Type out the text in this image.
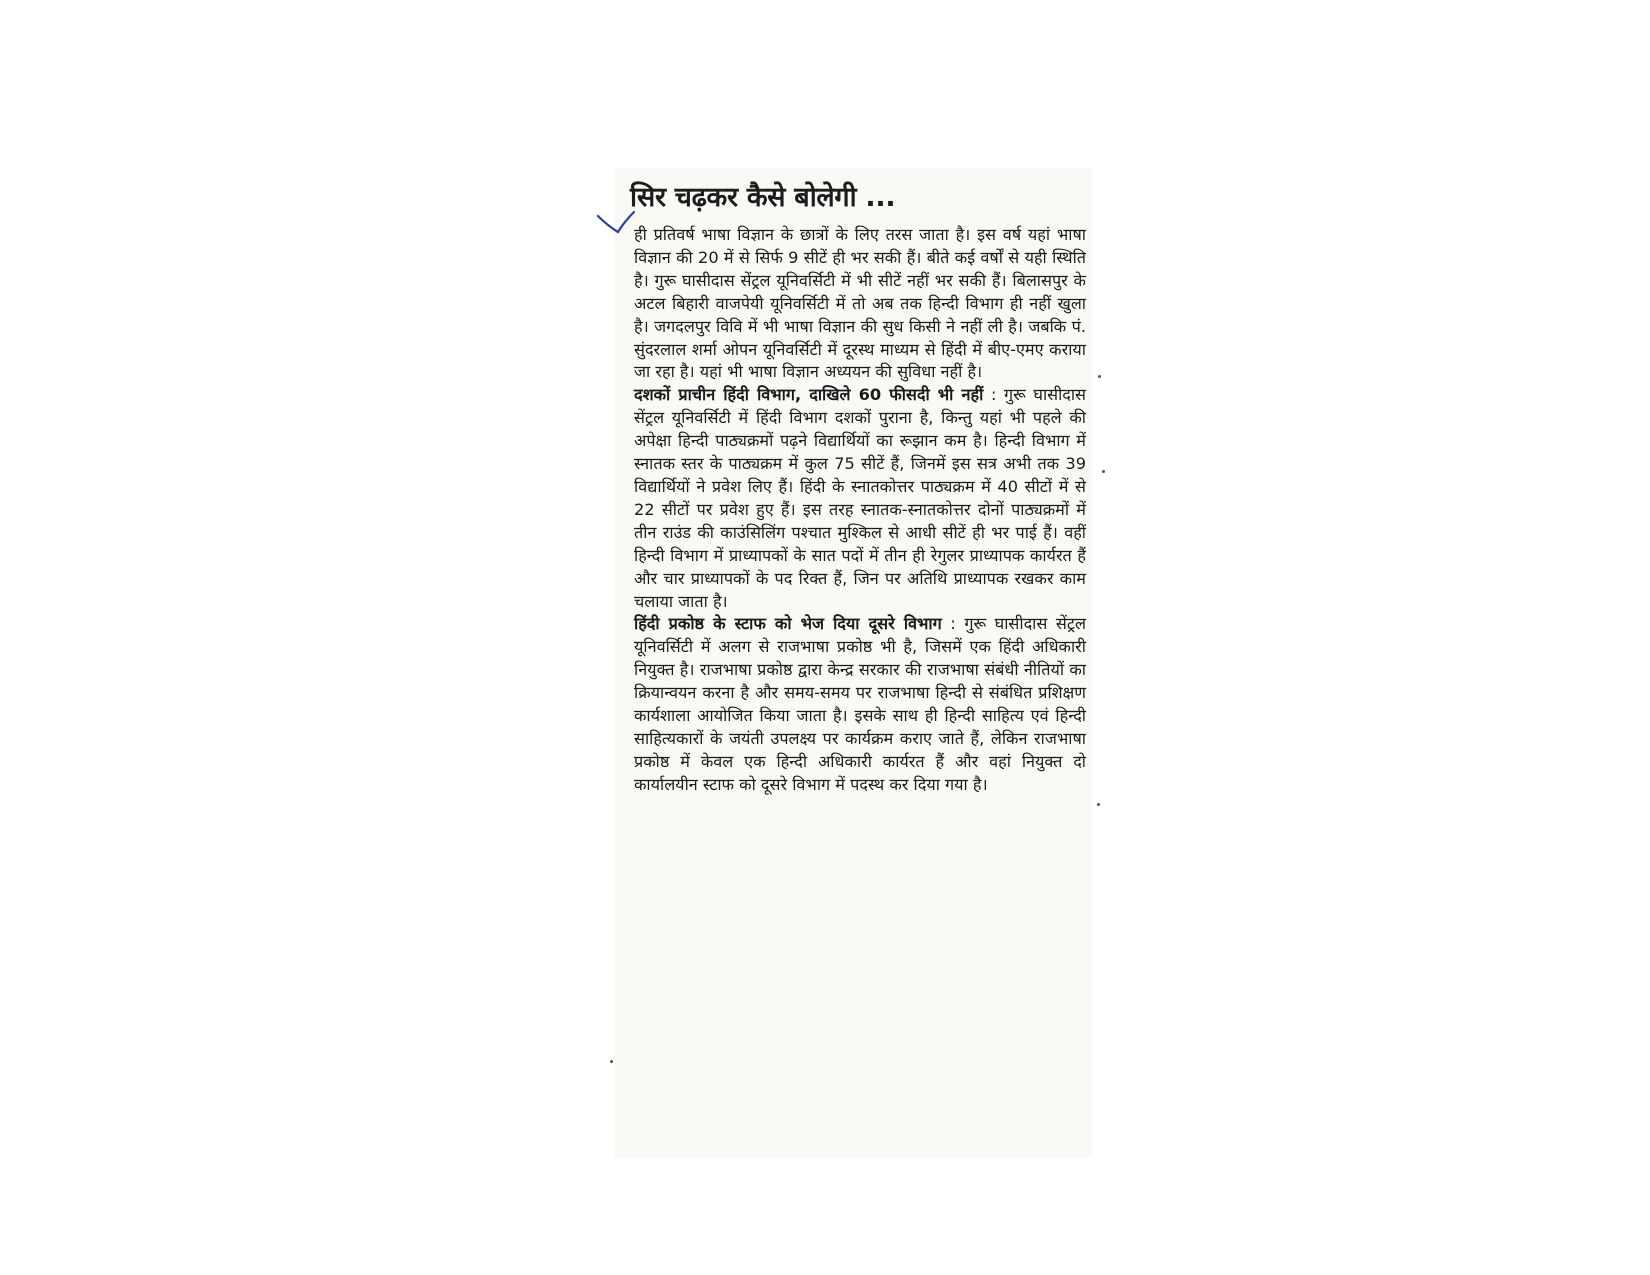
सिर चढ़कर कैसे बोलेगी ...

ही प्रतिवर्ष भाषा विज्ञान के छात्रों के लिए तरस जाता है। इस वर्ष यहां भाषा विज्ञान की 20 में से सिर्फ 9 सीटें ही भर सकी हैं। बीते कई वर्षों से यही स्थिति है। गुरू घासीदास सेंट्रल यूनिवर्सिटी में भी सीटें नहीं भर सकी हैं। बिलासपुर के अटल बिहारी वाजपेयी यूनिवर्सिटी में तो अब तक हिन्दी विभाग ही नहीं खुला है। जगदलपुर विवि में भी भाषा विज्ञान की सुध किसी ने नहीं ली है। जबकि पं. सुंदरलाल शर्मा ओपन यूनिवर्सिटी में दूरस्थ माध्यम से हिंदी में बीए-एमए कराया जा रहा है। यहां भी भाषा विज्ञान अध्ययन की सुविधा नहीं है।

दशकों प्राचीन हिंदी विभाग, दाखिले 60 फीसदी भी नहीं : गुरू घासीदास सेंट्रल यूनिवर्सिटी में हिंदी विभाग दशकों पुराना है, किन्तु यहां भी पहले की अपेक्षा हिन्दी पाठ्यक्रमों पढ़ने विद्यार्थियों का रूझान कम है। हिन्दी विभाग में स्नातक स्तर के पाठ्यक्रम में कुल 75 सीटें हैं, जिनमें इस सत्र अभी तक 39 विद्यार्थियों ने प्रवेश लिए हैं। हिंदी के स्नातकोत्तर पाठ्यक्रम में 40 सीटों में से 22 सीटों पर प्रवेश हुए हैं। इस तरह स्नातक-स्नातकोत्तर दोनों पाठ्यक्रमों में तीन राउंड की काउंसिलिंग पश्चात मुश्किल से आधी सीटें ही भर पाई हैं। वहीं हिन्दी विभाग में प्राध्यापकों के सात पदों में तीन ही रेगुलर प्राध्यापक कार्यरत हैं और चार प्राध्यापकों के पद रिक्त हैं, जिन पर अतिथि प्राध्यापक रखकर काम चलाया जाता है।

हिंदी प्रकोष्ठ के स्टाफ को भेज दिया दूसरे विभाग : गुरू घासीदास सेंट्रल यूनिवर्सिटी में अलग से राजभाषा प्रकोष्ठ भी है, जिसमें एक हिंदी अधिकारी नियुक्त है। राजभाषा प्रकोष्ठ द्वारा केन्द्र सरकार की राजभाषा संबंधी नीतियों का क्रियान्वयन करना है और समय-समय पर राजभाषा हिन्दी से संबंधित प्रशिक्षण कार्यशाला आयोजित किया जाता है। इसके साथ ही हिन्दी साहित्य एवं हिन्दी साहित्यकारों के जयंती उपलक्ष्य पर कार्यक्रम कराए जाते हैं, लेकिन राजभाषा प्रकोष्ठ में केवल एक हिन्दी अधिकारी कार्यरत हैं और वहां नियुक्त दो कार्यालयीन स्टाफ को दूसरे विभाग में पदस्थ कर दिया गया है।
